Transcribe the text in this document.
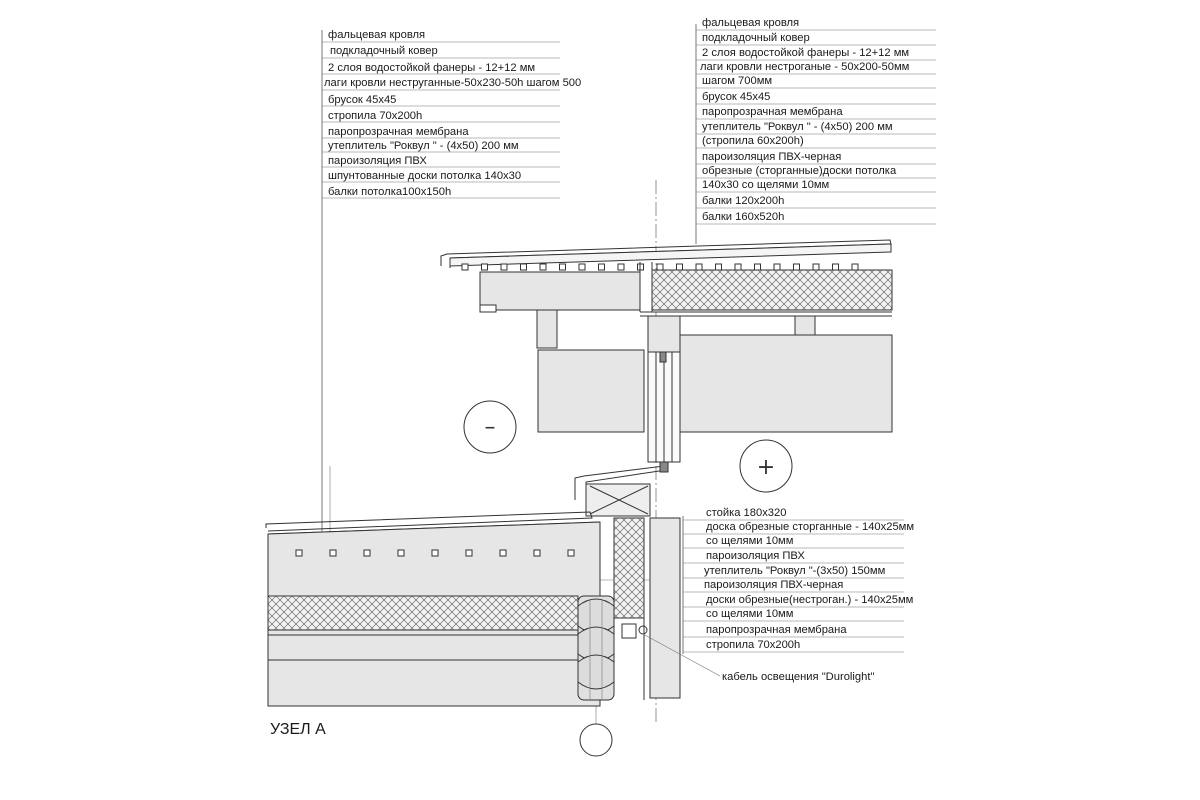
фальцевая кровля
подкладочный ковер
2 слоя водостойкой фанеры - 12+12 мм
лаги кровли неструганные-50х230-50h шагом 500
брусок 45х45
стропила 70х200h
паропрозрачная мембрана
утеплитель "Роквул " - (4х50) 200 мм
пароизоляция ПВХ
шпунтованные доски потолка 140х30
балки потолка100х150h
фальцевая кровля
подкладочный ковер
2 слоя водостойкой фанеры - 12+12 мм
лаги кровли нестроганые - 50х200-50мм
шагом 700мм
брусок 45х45
паропрозрачная мембрана
утеплитель "Роквул " - (4х50) 200 мм
(стропила 60х200h)
пароизоляция ПВХ-черная
обрезные (сторганные)доски потолка
140х30 со щелями 10мм
балки 120х200h
балки 160х520h
стойка 180х320
доска обрезные сторганные - 140х25мм
со щелями 10мм
пароизоляция ПВХ
утеплитель "Роквул "-(3х50) 150мм
пароизоляция ПВХ-черная
доски обрезные(нестроган.) - 140х25мм
со щелями 10мм
паропрозрачная мембрана
стропила 70х200h
–
+
кабель освещения "Durolight"
УЗЕЛ А
